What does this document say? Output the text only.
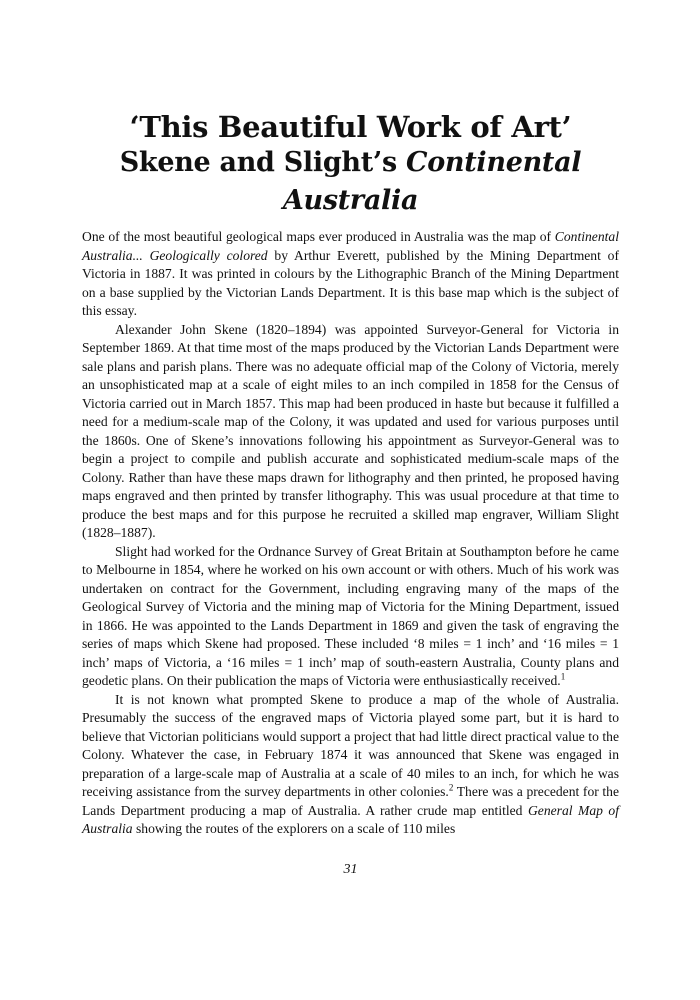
‘This Beautiful Work of Art’
Skene and Slight’s Continental Australia

One of the most beautiful geological maps ever produced in Australia was the map of Continental Australia... Geologically colored by Arthur Everett, published by the Mining Department of Victoria in 1887. It was printed in colours by the Lithographic Branch of the Mining Department on a base supplied by the Victorian Lands Department. It is this base map which is the subject of this essay.

Alexander John Skene (1820–1894) was appointed Surveyor-General for Victoria in September 1869. At that time most of the maps produced by the Victorian Lands Department were sale plans and parish plans. There was no adequate official map of the Colony of Victoria, merely an unsophisticated map at a scale of eight miles to an inch compiled in 1858 for the Census of Victoria carried out in March 1857. This map had been produced in haste but because it fulfilled a need for a medium-scale map of the Colony, it was updated and used for various purposes until the 1860s. One of Skene’s innovations following his appointment as Surveyor-General was to begin a project to compile and publish accurate and sophisticated medium-scale maps of the Colony. Rather than have these maps drawn for lithography and then printed, he proposed having maps engraved and then printed by transfer lithography. This was usual procedure at that time to produce the best maps and for this purpose he recruited a skilled map engraver, William Slight (1828–1887).

Slight had worked for the Ordnance Survey of Great Britain at Southampton before he came to Melbourne in 1854, where he worked on his own account or with others. Much of his work was undertaken on contract for the Government, including engraving many of the maps of the Geological Survey of Victoria and the mining map of Victoria for the Mining Department, issued in 1866. He was appointed to the Lands Department in 1869 and given the task of engraving the series of maps which Skene had proposed. These included ‘8 miles = 1 inch’ and ‘16 miles = 1 inch’ maps of Victoria, a ‘16 miles = 1 inch’ map of south-eastern Australia, County plans and geodetic plans. On their publication the maps of Victoria were enthusiastically received.$^1$

It is not known what prompted Skene to produce a map of the whole of Australia. Presumably the success of the engraved maps of Victoria played some part, but it is hard to believe that Victorian politicians would support a project that had little direct practical value to the Colony. Whatever the case, in February 1874 it was announced that Skene was engaged in preparation of a large-scale map of Australia at a scale of 40 miles to an inch, for which he was receiving assistance from the survey departments in other colonies.$^2$ There was a precedent for the Lands Department producing a map of Australia. A rather crude map entitled General Map of Australia showing the routes of the explorers on a scale of 110 miles

31
